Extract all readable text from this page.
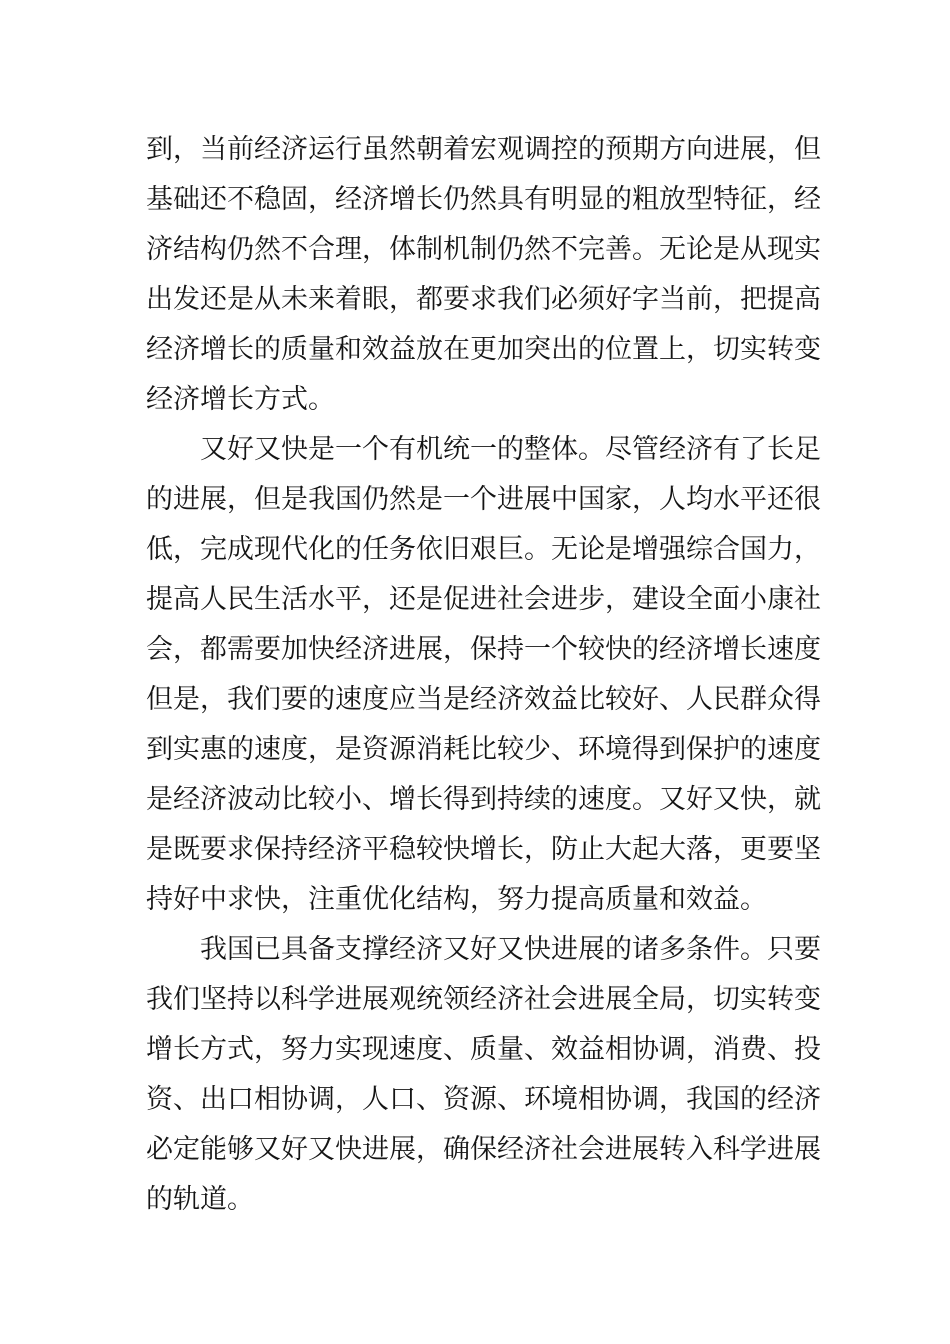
到，当前经济运行虽然朝着宏观调控的预期方向进展，但
基础还不稳固，经济增长仍然具有明显的粗放型特征，经
济结构仍然不合理，体制机制仍然不完善。无论是从现实
出发还是从未来着眼，都要求我们必须好字当前，把提高
经济增长的质量和效益放在更加突出的位置上，切实转变
经济增长方式。
又好又快是一个有机统一的整体。尽管经济有了长足
的进展，但是我国仍然是一个进展中国家，人均水平还很
低，完成现代化的任务依旧艰巨。无论是增强综合国力，
提高人民生活水平，还是促进社会进步，建设全面小康社
会，都需要加快经济进展，保持一个较快的经济增长速度
但是，我们要的速度应当是经济效益比较好、人民群众得
到实惠的速度，是资源消耗比较少、环境得到保护的速度
是经济波动比较小、增长得到持续的速度。又好又快，就
是既要求保持经济平稳较快增长，防止大起大落，更要坚
持好中求快，注重优化结构，努力提高质量和效益。
我国已具备支撑经济又好又快进展的诸多条件。只要
我们坚持以科学进展观统领经济社会进展全局，切实转变
增长方式，努力实现速度、质量、效益相协调，消费、投
资、出口相协调，人口、资源、环境相协调，我国的经济
必定能够又好又快进展，确保经济社会进展转入科学进展
的轨道。
